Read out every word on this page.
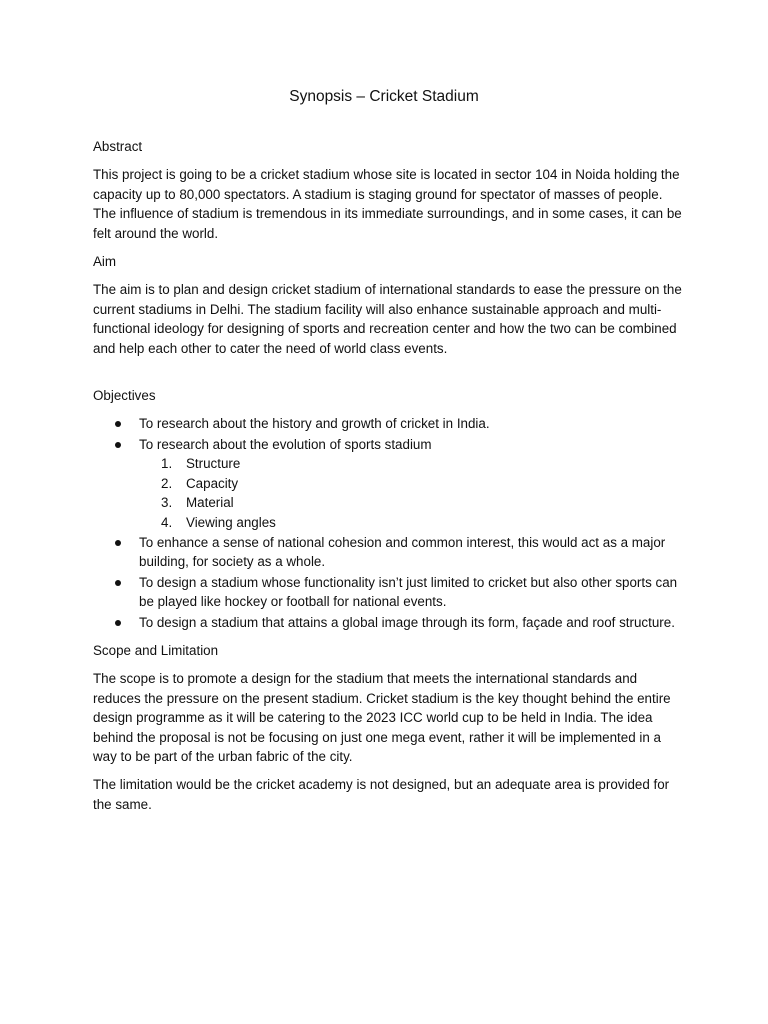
Synopsis – Cricket Stadium
Abstract
This project is going to be a cricket stadium whose site is located in sector 104 in Noida holding the capacity up to 80,000 spectators. A stadium is staging ground for spectator of masses of people. The influence of stadium is tremendous in its immediate surroundings, and in some cases, it can be felt around the world.
Aim
The aim is to plan and design cricket stadium of international standards to ease the pressure on the current stadiums in Delhi. The stadium facility will also enhance sustainable approach and multi-functional ideology for designing of sports and recreation center and how the two can be combined and help each other to cater the need of world class events.
Objectives
To research about the history and growth of cricket in India.
To research about the evolution of sports stadium
1. Structure
2. Capacity
3. Material
4. Viewing angles
To enhance a sense of national cohesion and common interest, this would act as a major building, for society as a whole.
To design a stadium whose functionality isn’t just limited to cricket but also other sports can be played like hockey or football for national events.
To design a stadium that attains a global image through its form, façade and roof structure.
Scope and Limitation
The scope is to promote a design for the stadium that meets the international standards and reduces the pressure on the present stadium. Cricket stadium is the key thought behind the entire design programme as it will be catering to the 2023 ICC world cup to be held in India. The idea behind the proposal is not be focusing on just one mega event, rather it will be implemented in a way to be part of the urban fabric of the city.
The limitation would be the cricket academy is not designed, but an adequate area is provided for the same.
